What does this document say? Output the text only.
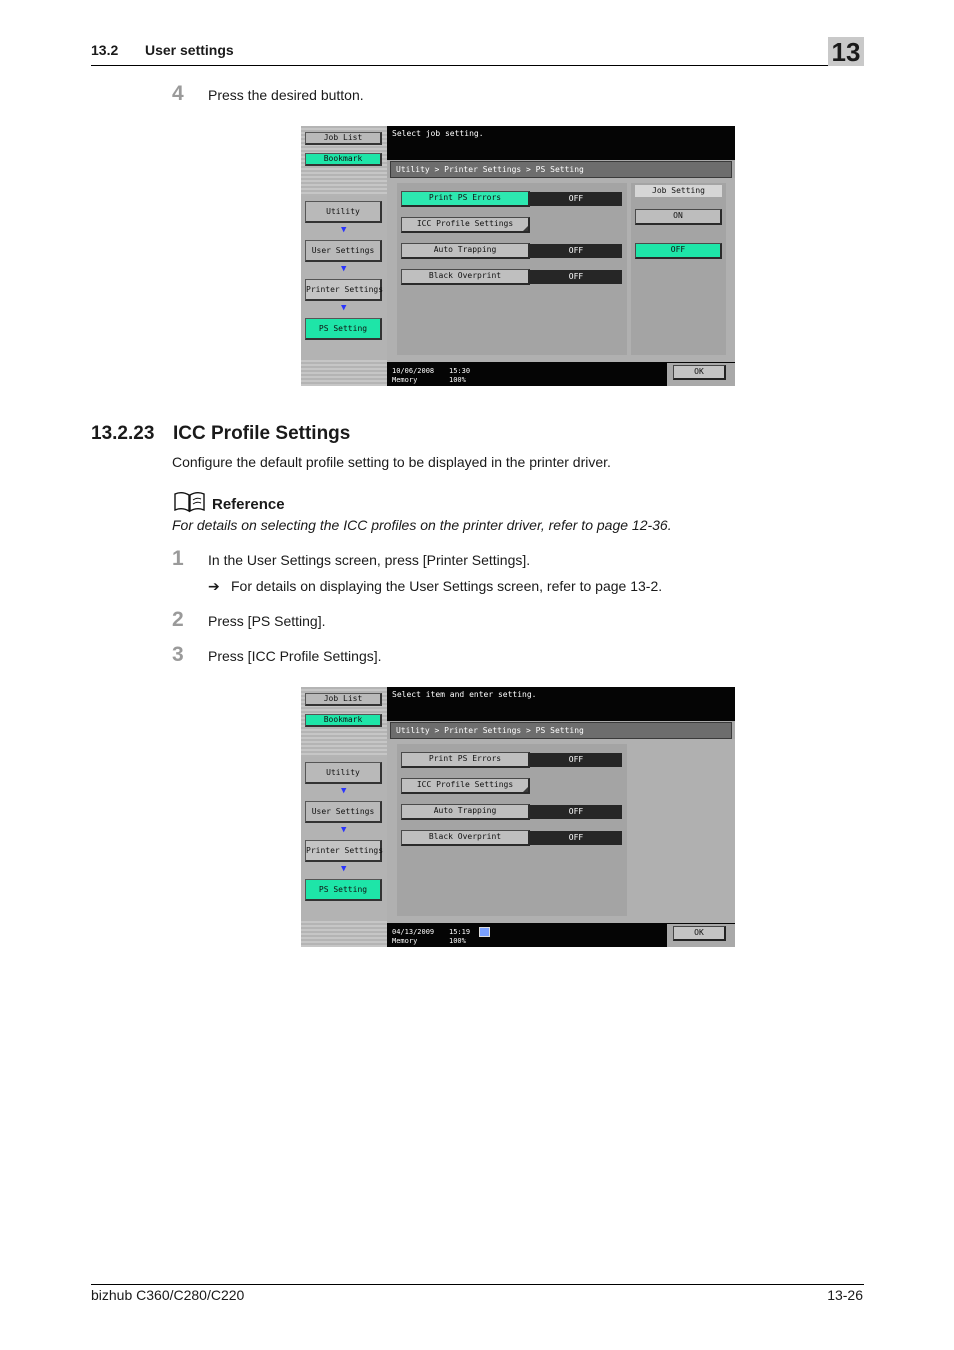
13.2 User settings	13
4 Press the desired button.
Job List
Bookmark
Utility
▼
User Settings
▼
Printer Settings
▼
PS Setting
Select job setting.
Utility > Printer Settings > PS Setting
Print PS Errors	OFF
ICC Profile Settings
Auto Trapping	OFF
Black Overprint	OFF
Job Setting
ON
OFF
10/06/2008 15:30
Memory	100%
OK
13.2.23 ICC Profile Settings
Configure the default profile setting to be displayed in the printer driver.
Reference
For details on selecting the ICC profiles on the printer driver, refer to page 12-36.
1 In the User Settings screen, press [Printer Settings].
➔ For details on displaying the User Settings screen, refer to page 13-2.
2 Press [PS Setting].
3 Press [ICC Profile Settings].
Job List
Bookmark
Utility
▼
User Settings
▼
Printer Settings
▼
PS Setting
Select item and enter setting.
Utility > Printer Settings > PS Setting
Print PS Errors	OFF
ICC Profile Settings
Auto Trapping	OFF
Black Overprint	OFF
04/13/2009 15:19
Memory	100%
OK
bizhub C360/C280/C220	13-26
